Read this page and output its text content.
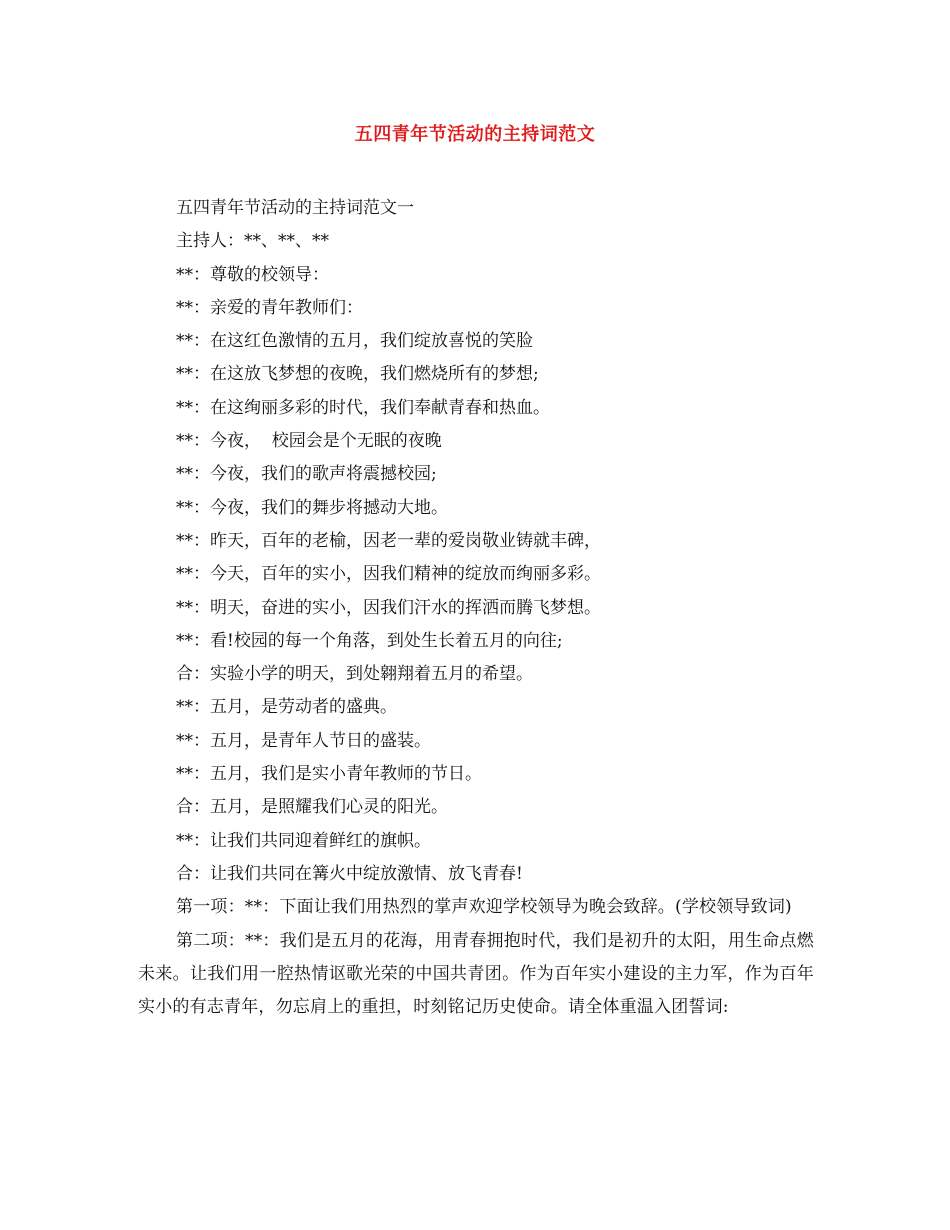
五四青年节活动的主持词范文

五四青年节活动的主持词范文一

主持人：**、**、**

**：尊敬的校领导：

**：亲爱的青年教师们：

**：在这红色激情的五月，我们绽放喜悦的笑脸

**：在这放飞梦想的夜晚，我们燃烧所有的梦想;

**：在这绚丽多彩的时代，我们奉献青春和热血。

**：今夜，  校园会是个无眠的夜晚

**：今夜，我们的歌声将震撼校园;

**：今夜，我们的舞步将撼动大地。

**：昨天，百年的老榆，因老一辈的爱岗敬业铸就丰碑，

**：今天，百年的实小，因我们精神的绽放而绚丽多彩。

**：明天，奋进的实小，因我们汗水的挥洒而腾飞梦想。

**：看!校园的每一个角落，到处生长着五月的向往;

合：实验小学的明天，到处翱翔着五月的希望。

**：五月，是劳动者的盛典。

**：五月，是青年人节日的盛装。

**：五月，我们是实小青年教师的节日。

合：五月，是照耀我们心灵的阳光。

**：让我们共同迎着鲜红的旗帜。

合：让我们共同在篝火中绽放激情、放飞青春!

第一项：**：下面让我们用热烈的掌声欢迎学校领导为晚会致辞。(学校领导致词)

第二项：**：我们是五月的花海，用青春拥抱时代，我们是初升的太阳，用生命点燃未来。让我们用一腔热情讴歌光荣的中国共青团。作为百年实小建设的主力军，作为百年实小的有志青年，勿忘肩上的重担，时刻铭记历史使命。请全体重温入团誓词:
